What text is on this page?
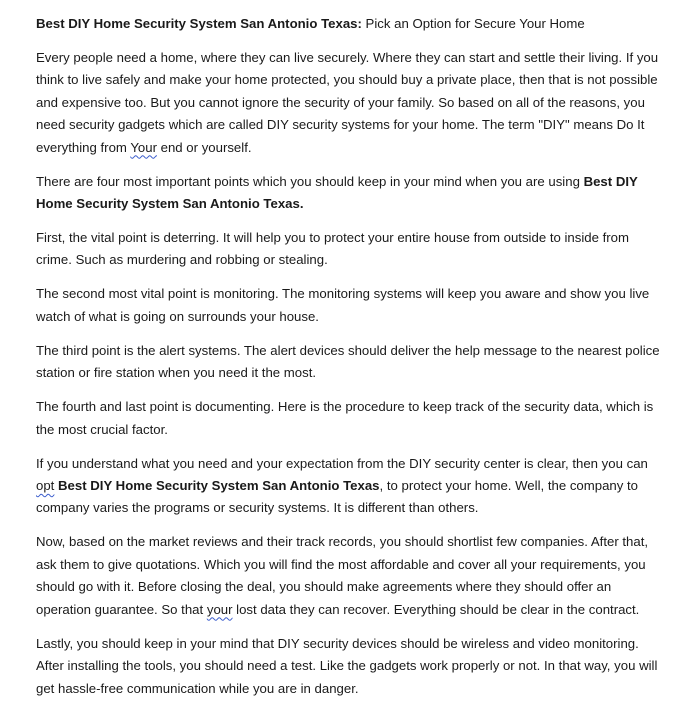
Best DIY Home Security System San Antonio Texas: Pick an Option for Secure Your Home

Every people need a home, where they can live securely. Where they can start and settle their living. If you think to live safely and make your home protected, you should buy a private place, then that is not possible and expensive too. But you cannot ignore the security of your family. So based on all of the reasons, you need security gadgets which are called DIY security systems for your home. The term "DIY" means Do It everything from Your end or yourself.

There are four most important points which you should keep in your mind when you are using Best DIY Home Security System San Antonio Texas.

First, the vital point is deterring. It will help you to protect your entire house from outside to inside from crime. Such as murdering and robbing or stealing.

The second most vital point is monitoring. The monitoring systems will keep you aware and show you live watch of what is going on surrounds your house.

The third point is the alert systems. The alert devices should deliver the help message to the nearest police station or fire station when you need it the most.

The fourth and last point is documenting. Here is the procedure to keep track of the security data, which is the most crucial factor.

If you understand what you need and your expectation from the DIY security center is clear, then you can opt Best DIY Home Security System San Antonio Texas, to protect your home. Well, the company to company varies the programs or security systems. It is different than others.

Now, based on the market reviews and their track records, you should shortlist few companies. After that, ask them to give quotations. Which you will find the most affordable and cover all your requirements, you should go with it. Before closing the deal, you should make agreements where they should offer an operation guarantee. So that your lost data they can recover. Everything should be clear in the contract.

Lastly, you should keep in your mind that DIY security devices should be wireless and video monitoring. After installing the tools, you should need a test. Like the gadgets work properly or not. In that way, you will get hassle-free communication while you are in danger.
